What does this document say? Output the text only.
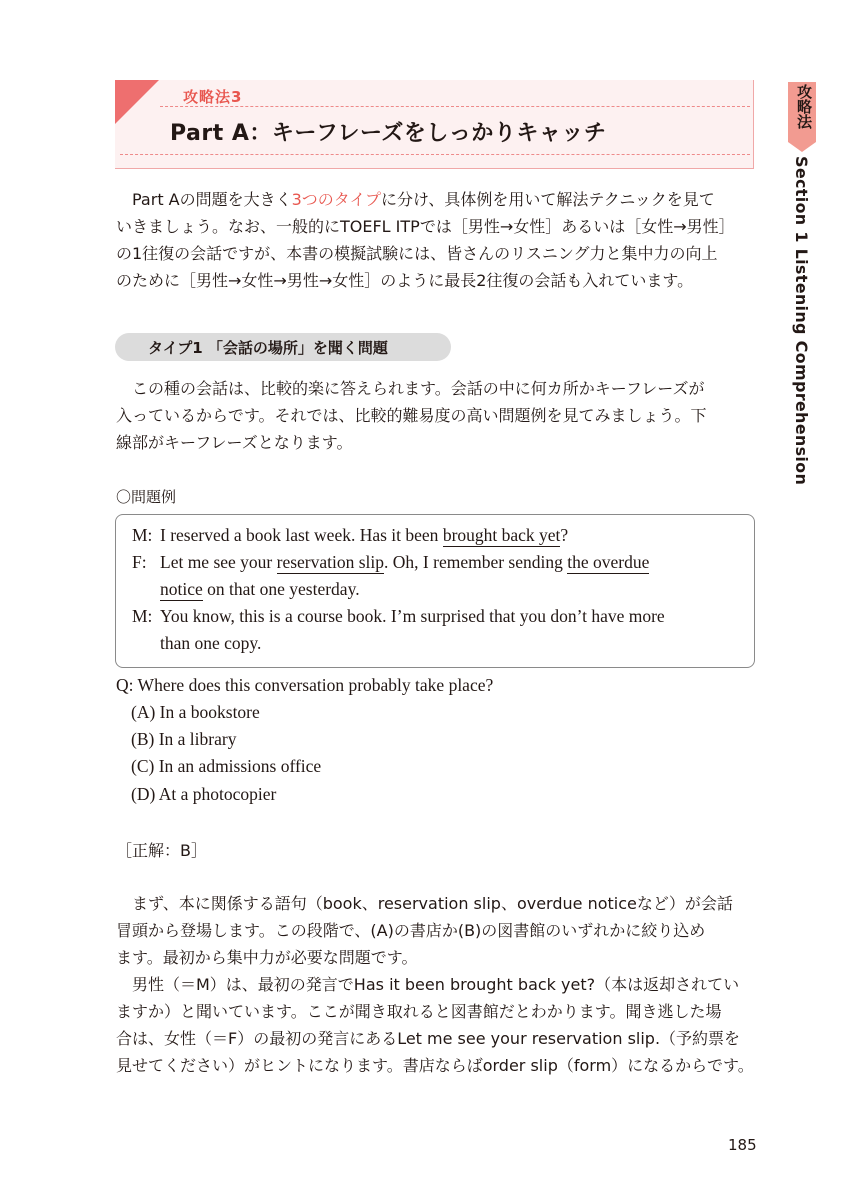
攻略法3
Part A：キーフレーズをしっかりキャッチ
攻略法
Section 1 Listening Comprehension
Part Aの問題を大きく3つのタイプに分け、具体例を用いて解法テクニックを見て
いきましょう。なお、一般的にTOEFL ITPでは［男性→女性］あるいは［女性→男性］
の1往復の会話ですが、本書の模擬試験には、皆さんのリスニング力と集中力の向上
のために［男性→女性→男性→女性］のように最長2往復の会話も入れています。
タイプ1 「会話の場所」を聞く問題
この種の会話は、比較的楽に答えられます。会話の中に何カ所かキーフレーズが
入っているからです。それでは、比較的難易度の高い問題例を見てみましょう。下
線部がキーフレーズとなります。
〇問題例
M: I reserved a book last week. Has it been brought back yet?
F: Let me see your reservation slip. Oh, I remember sending the overdue
notice on that one yesterday.
M: You know, this is a course book. I’m surprised that you don’t have more
than one copy.
Q: Where does this conversation probably take place?
(A) In a bookstore
(B) In a library
(C) In an admissions office
(D) At a photocopier
［正解：B］
まず、本に関係する語句（book、reservation slip、overdue noticeなど）が会話
冒頭から登場します。この段階で、(A)の書店か(B)の図書館のいずれかに絞り込め
ます。最初から集中力が必要な問題です。
男性（＝M）は、最初の発言でHas it been brought back yet?（本は返却されてい
ますか）と聞いています。ここが聞き取れると図書館だとわかります。聞き逃した場
合は、女性（＝F）の最初の発言にあるLet me see your reservation slip.（予約票を
見せてください）がヒントになります。書店ならばorder slip（form）になるからです。
185
